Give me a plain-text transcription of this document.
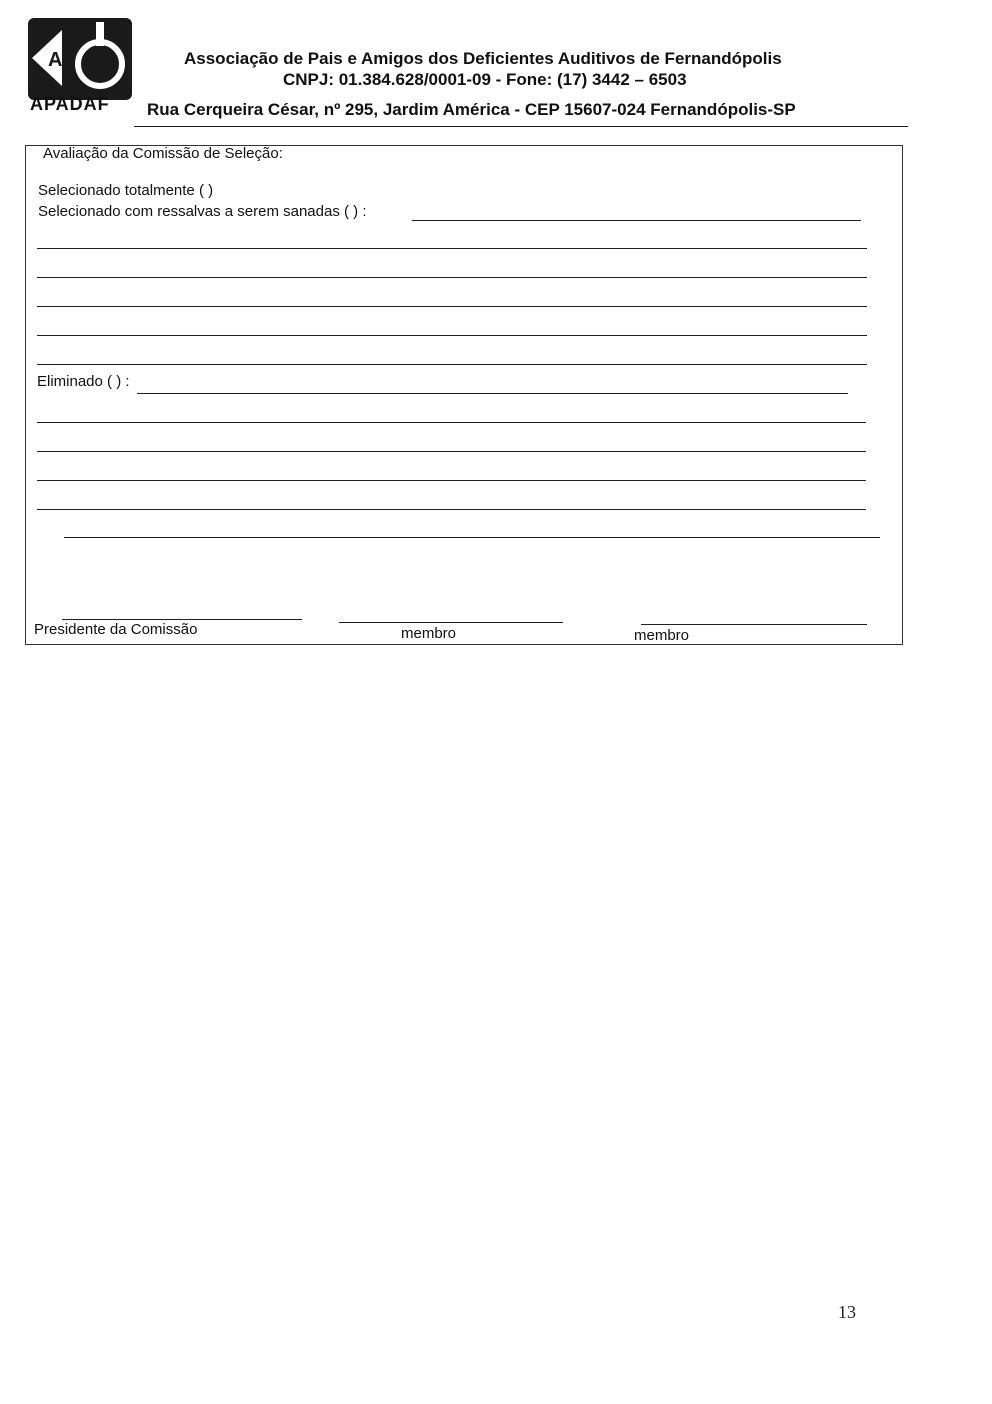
A
APADAF
Associação de Pais e Amigos dos Deficientes Auditivos de Fernandópolis
CNPJ: 01.384.628/0001-09 - Fone: (17) 3442 – 6503
Rua Cerqueira César, nº 295, Jardim América - CEP 15607-024 Fernandópolis-SP
Avaliação da Comissão de Seleção:
Selecionado totalmente ( )
Selecionado com ressalvas a serem sanadas ( ) :
Eliminado ( ) :
Presidente da Comissão	membro	membro
13
